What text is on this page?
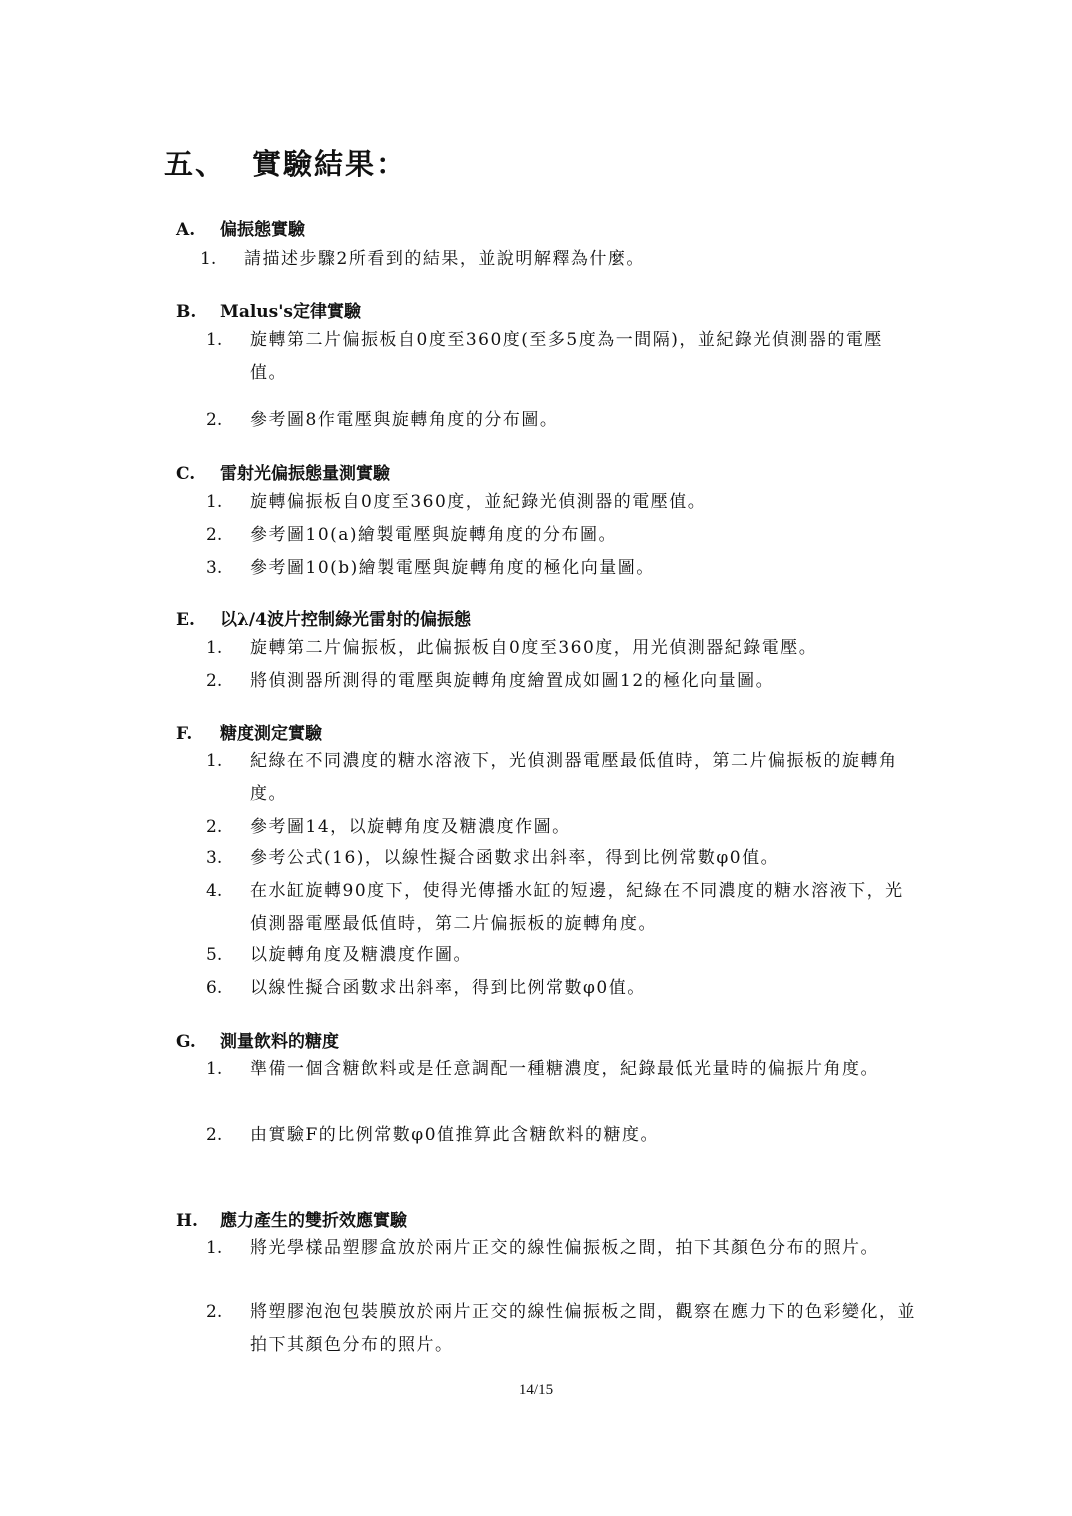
五、 實驗結果：
A. 偏振態實驗
1. 請描述步驟2所看到的結果，並說明解釋為什麼。
B. Malus's定律實驗
1. 旋轉第二片偏振板自0度至360度(至多5度為一間隔)，並紀錄光偵測器的電壓值。
2. 參考圖8作電壓與旋轉角度的分布圖。
C. 雷射光偏振態量測實驗
1. 旋轉偏振板自0度至360度，並紀錄光偵測器的電壓值。
2. 參考圖10(a)繪製電壓與旋轉角度的分布圖。
3. 參考圖10(b)繪製電壓與旋轉角度的極化向量圖。
E. 以λ/4波片控制綠光雷射的偏振態
1. 旋轉第二片偏振板，此偏振板自0度至360度，用光偵測器紀錄電壓。
2. 將偵測器所測得的電壓與旋轉角度繪置成如圖12的極化向量圖。
F. 糖度測定實驗
1. 紀綠在不同濃度的糖水溶液下，光偵測器電壓最低值時，第二片偏振板的旋轉角度。
2. 參考圖14，以旋轉角度及糖濃度作圖。
3. 參考公式(16)，以線性擬合函數求出斜率，得到比例常數φ0值。
4. 在水缸旋轉90度下，使得光傳播水缸的短邊，紀綠在不同濃度的糖水溶液下，光偵測器電壓最低值時，第二片偏振板的旋轉角度。
5. 以旋轉角度及糖濃度作圖。
6. 以線性擬合函數求出斜率，得到比例常數φ0值。
G. 測量飲料的糖度
1. 準備一個含糖飲料或是任意調配一種糖濃度，紀錄最低光量時的偏振片角度。
2. 由實驗F的比例常數φ0值推算此含糖飲料的糖度。
H. 應力產生的雙折效應實驗
1. 將光學樣品塑膠盒放於兩片正交的線性偏振板之間，拍下其顏色分布的照片。
2. 將塑膠泡泡包裝膜放於兩片正交的線性偏振板之間，觀察在應力下的色彩變化，並拍下其顏色分布的照片。
14/15
